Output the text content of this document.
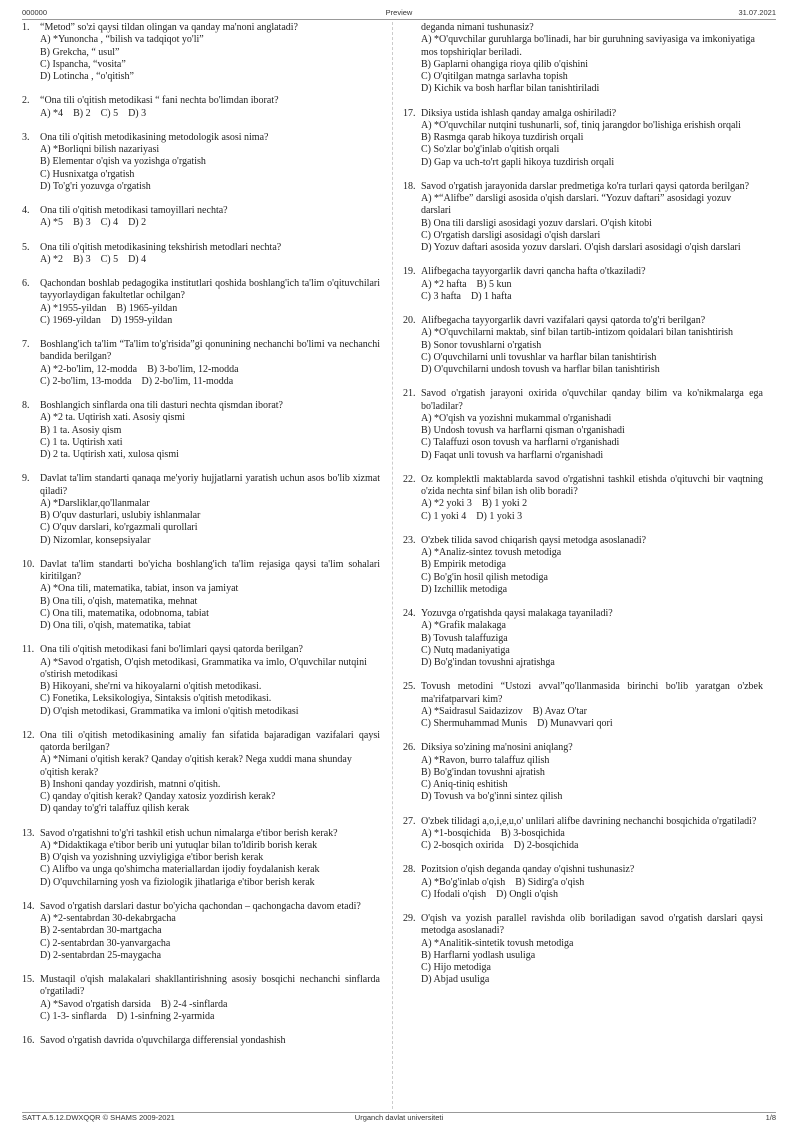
000000	Preview	31.07.2021
1.	“Metod” so'zi qaysi tildan olingan va qanday ma'noni anglatadi?
A) *Yunoncha , “bilish va tadqiqot yo'li”
B) Grekcha, “ usul”
C) Ispancha, “vosita”
D) Lotincha , “o'qitish”
2.	“Ona tili o'qitish metodikasi “ fani nechta bo'limdan iborat?
A) *4 B) 2 C) 5 D) 3
3.	Ona tili o'qitish metodikasining metodologik asosi nima?
A) *Borliqni bilish nazariyasi
B) Elementar o'qish va yozishga o'rgatish
C) Husnixatga o'rgatish
D) To'g'ri yozuvga o'rgatish
4.	Ona tili o'qitish metodikasi tamoyillari nechta?
A) *5 B) 3 C) 4 D) 2
5.	Ona tili o'qitish metodikasining tekshirish metodlari nechta?
A) *2 B) 3 C) 5 D) 4
6.	Qachondan boshlab pedagogika institutlari qoshida boshlang'ich ta'lim o'qituvchilari tayyorlaydigan fakultetlar ochilgan?
A) *1955-yildan B) 1965-yildan
C) 1969-yildan D) 1959-yildan
7.	Boshlang'ich ta'lim “Ta'lim to'g'risida”gi qonunining nechanchi bo'limi va nechanchi bandida berilgan?
A) *2-bo'lim, 12-modda B) 3-bo'lim, 12-modda
C) 2-bo'lim, 13-modda D) 2-bo'lim, 11-modda
8.	Boshlangich sinflarda ona tili dasturi nechta qismdan iborat?
A) *2 ta. Uqtirish xati. Asosiy qismi
B) 1 ta. Asosiy qism
C) 1 ta. Uqtirish xati
D) 2 ta. Uqtirish xati, xulosa qismi
9.	Davlat ta'lim standarti qanaqa me'yoriy hujjatlarni yaratish uchun asos bo'lib xizmat qiladi?
A) *Darsliklar,qo'llanmalar
B) O'quv dasturlari, uslubiy ishlanmalar
C) O'quv darslari, ko'rgazmali qurollari
D) Nizomlar, konsepsiyalar
10. Davlat ta'lim standarti bo'yicha boshlang'ich ta'lim rejasiga qaysi ta'lim sohalari kiritilgan?
A) *Ona tili, matematika, tabiat, inson va jamiyat
B) Ona tili, o'qish, matematika, mehnat
C) Ona tili, matematika, odobnoma, tabiat
D) Ona tili, o'qish, matematika, tabiat
11. Ona tili o'qitish metodikasi fani bo'limlari qaysi qatorda berilgan?
A) *Savod o'rgatish, O'qish metodikasi, Grammatika va imlo, O'quvchilar nutqini o'stirish metodikasi
B) Hikoyani, she'rni va hikoyalarni o'qitish metodikasi.
C) Fonetika, Leksikologiya, Sintaksis o'qitish metodikasi.
D) O'qish metodikasi, Grammatika va imloni o'qitish metodikasi
12. Ona tili o'qitish metodikasining amaliy fan sifatida bajaradigan vazifalari qaysi qatorda berilgan?
A) *Nimani o'qitish kerak? Qanday o'qitish kerak? Nega xuddi mana shunday o'qitish kerak?
B) Inshoni qanday yozdirish, matnni o'qitish.
C) qanday o'qitish kerak? Qanday xatosiz yozdirish kerak?
D) qanday to'g'ri talaffuz qilish kerak
13. Savod o'rgatishni to'g'ri tashkil etish uchun nimalarga e'tibor berish kerak?
A) *Didaktikaga e'tibor berib uni yutuqlar bilan to'ldirib borish kerak
B) O'qish va yozishning uzviyligiga e'tibor berish kerak
C) Alifbo va unga qo'shimcha materiallardan ijodiy foydalanish kerak
D) O'quvchilarning yosh va fiziologik jihatlariga e'tibor berish kerak
14. Savod o'rgatish darslari dastur bo'yicha qachondan – qachongacha davom etadi?
A) *2-sentabrdan 30-dekabrgacha
B) 2-sentabrdan 30-martgacha
C) 2-sentabrdan 30-yanvargacha
D) 2-sentabrdan 25-maygacha
15. Mustaqil o'qish malakalari shakllantirishning asosiy bosqichi nechanchi sinflarda o'rgatiladi?
A) *Savod o'rgatish darsida B) 2-4 -sinflarda
C) 1-3- sinflarda D) 1-sinfning 2-yarmida
16. Savod o'rgatish davrida o'quvchilarga differensial yondashish
deganda nimani tushunasiz?
A) *O'quvchilar guruhlarga bo'linadi, har bir guruhning saviyasiga va imkoniyatiga mos topshiriqlar beriladi.
B) Gaplarni ohangiga rioya qilib o'qishini
C) O'qitilgan matnga sarlavha topish
D) Kichik va bosh harflar bilan tanishtiriladi
17. Diksiya ustida ishlash qanday amalga oshiriladi?
A) *O'quvchilar nutqini tushunarli, sof, tiniq jarangdor bo'lishiga erishish orqali
B) Rasmga qarab hikoya tuzdirish orqali
C) So'zlar bo'g'inlab o'qitish orqali
D) Gap va uch-to'rt gapli hikoya tuzdirish orqali
18. Savod o'rgatish jarayonida darslar predmetiga ko'ra turlari qaysi qatorda berilgan?
A) *“Alifbe” darsligi asosida o'qish darslari. “Yozuv daftari” asosidagi yozuv darslari
B) Ona tili darsligi asosidagi yozuv darslari. O'qish kitobi
C) O'rgatish darsligi asosidagi o'qish darslari
D) Yozuv daftari asosida yozuv darslari. O'qish darslari asosidagi o'qish darslari
19. Alifbegacha tayyorgarlik davri qancha hafta o'tkaziladi?
A) *2 hafta B) 5 kun
C) 3 hafta D) 1 hafta
20. Alifbegacha tayyorgarlik davri vazifalari qaysi qatorda to'g'ri berilgan?
A) *O'quvchilarni maktab, sinf bilan tartib-intizom qoidalari bilan tanishtirish
B) Sonor tovushlarni o'rgatish
C) O'quvchilarni unli tovushlar va harflar bilan tanishtirish
D) O'quvchilarni undosh tovush va harflar bilan tanishtirish
21. Savod o'rgatish jarayoni oxirida o'quvchilar qanday bilim va ko'nikmalarga ega bo'ladilar?
A) *O'qish va yozishni mukammal o'rganishadi
B) Undosh tovush va harflarni qisman o'rganishadi
C) Talaffuzi oson tovush va harflarni o'rganishadi
D) Faqat unli tovush va harflarni o'rganishadi
22. Oz komplektli maktablarda savod o'rgatishni tashkil etishda o'qituvchi bir vaqtning o'zida nechta sinf bilan ish olib boradi?
A) *2 yoki 3 B) 1 yoki 2
C) 1 yoki 4 D) 1 yoki 3
23. O'zbek tilida savod chiqarish qaysi metodga asoslanadi?
A) *Analiz-sintez tovush metodiga
B) Empirik metodiga
C) Bo'g'in hosil qilish metodiga
D) Izchillik metodiga
24. Yozuvga o'rgatishda qaysi malakaga tayaniladi?
A) *Grafik malakaga
B) Tovush talaffuziga
C) Nutq madaniyatiga
D) Bo'g'indan tovushni ajratishga
25. Tovush metodini “Ustozi avval”qo'llanmasida birinchi bo'lib yaratgan o'zbek ma'rifatparvari kim?
A) *Saidrasul Saidazizov B) Avaz O'tar
C) Shermuhammad Munis D) Munavvari qori
26. Diksiya so'zining ma'nosini aniqlang?
A) *Ravon, burro talaffuz qilish
B) Bo'g'indan tovushni ajratish
C) Aniq-tiniq eshitish
D) Tovush va bo'g'inni sintez qilish
27. O'zbek tilidagi a,o,i,e,u,o' unlilari alifbe davrining nechanchi bosqichida o'rgatiladi?
A) *1-bosqichida B) 3-bosqichida
C) 2-bosqich oxirida D) 2-bosqichida
28. Pozitsion o'qish deganda qanday o'qishni tushunasiz?
A) *Bo'g'inlab o'qish B) Sidirg'a o'qish
C) Ifodali o'qish D) Ongli o'qish
29. O'qish va yozish parallel ravishda olib boriladigan savod o'rgatish darslari qaysi metodga asoslanadi?
A) *Analitik-sintetik tovush metodiga
B) Harflarni yodlash usuliga
C) Hijo metodiga
D) Abjad usuliga
SATT A.5.12.DWXQQR © SHAMS 2009-2021	Urganch davlat universiteti	1/8
